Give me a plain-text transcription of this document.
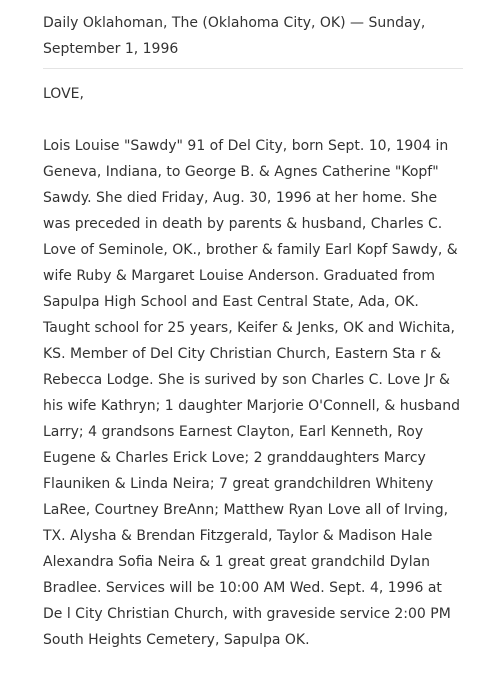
Daily Oklahoman, The (Oklahoma City, OK) — Sunday, September 1, 1996
LOVE,
Lois Louise "Sawdy" 91 of Del City, born Sept. 10, 1904 in Geneva, Indiana, to George B. & Agnes Catherine "Kopf" Sawdy. She died Friday, Aug. 30, 1996 at her home. She was preceded in death by parents & husband, Charles C. Love of Seminole, OK., brother & family Earl Kopf Sawdy, & wife Ruby & Margaret Louise Anderson. Graduated from Sapulpa High School and East Central State, Ada, OK. Taught school for 25 years, Keifer & Jenks, OK and Wichita, KS. Member of Del City Christian Church, Eastern Sta r & Rebecca Lodge. She is surived by son Charles C. Love Jr & his wife Kathryn; 1 daughter Marjorie O'Connell, & husband Larry; 4 grandsons Earnest Clayton, Earl Kenneth, Roy Eugene & Charles Erick Love; 2 granddaughters Marcy Flauniken & Linda Neira; 7 great grandchildren Whiteny LaRee, Courtney BreAnn; Matthew Ryan Love all of Irving, TX. Alysha & Brendan Fitzgerald, Taylor & Madison Hale Alexandra Sofia Neira & 1 great great grandchild Dylan Bradlee. Services will be 10:00 AM Wed. Sept. 4, 1996 at De l City Christian Church, with graveside service 2:00 PM South Heights Cemetery, Sapulpa OK.
